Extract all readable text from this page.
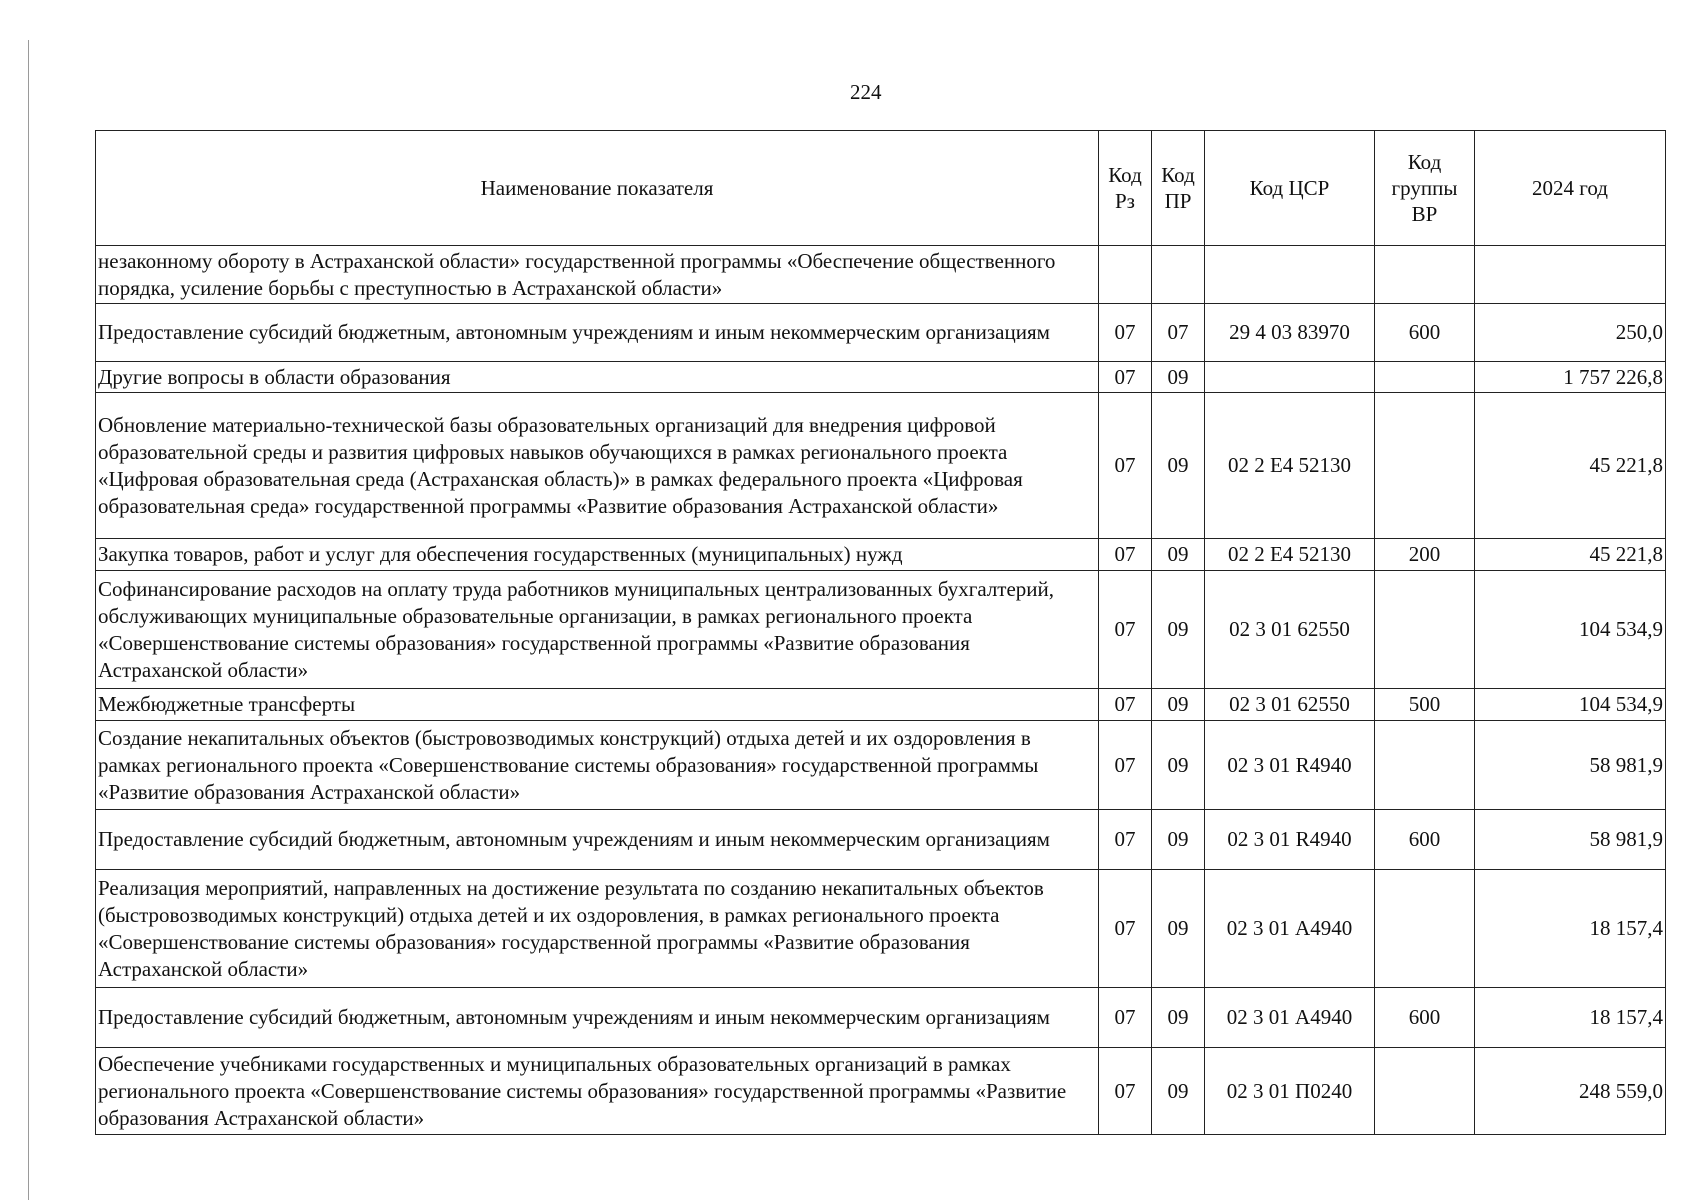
224
Наименование показателя	Код Рз	Код ПР	Код ЦСР	Код группы ВР	2024 год
незаконному обороту в Астраханской области» государственной программы «Обеспечение общественного порядка, усиление борьбы с преступностью в Астраханской области»					
Предоставление субсидий бюджетным, автономным учреждениям и иным некоммерческим организациям	07	07	29 4 03 83970	600	250,0
Другие вопросы в области образования	07	09			1 757 226,8
Обновление материально-технической базы образовательных организаций для внедрения цифровой образовательной среды и развития цифровых навыков обучающихся в рамках регионального проекта «Цифровая образовательная среда (Астраханская область)» в рамках федерального проекта «Цифровая образовательная среда» государственной программы «Развитие образования Астраханской области»	07	09	02 2 Е4 52130		45 221,8
Закупка товаров, работ и услуг для обеспечения государственных (муниципальных) нужд	07	09	02 2 Е4 52130	200	45 221,8
Софинансирование расходов на оплату труда работников муниципальных централизованных бухгалтерий, обслуживающих муниципальные образовательные организации, в рамках регионального проекта «Совершенствование системы образования» государственной программы «Развитие образования Астраханской области»	07	09	02 3 01 62550		104 534,9
Межбюджетные трансферты	07	09	02 3 01 62550	500	104 534,9
Создание некапитальных объектов (быстровозводимых конструкций) отдыха детей и их оздоровления в рамках регионального проекта «Совершенствование системы образования» государственной программы «Развитие образования Астраханской области»	07	09	02 3 01 R4940		58 981,9
Предоставление субсидий бюджетным, автономным учреждениям и иным некоммерческим организациям	07	09	02 3 01 R4940	600	58 981,9
Реализация мероприятий, направленных на достижение результата по созданию некапитальных объектов (быстровозводимых конструкций) отдыха детей и их оздоровления, в рамках регионального проекта «Совершенствование системы образования» государственной программы «Развитие образования Астраханской области»	07	09	02 3 01 А4940		18 157,4
Предоставление субсидий бюджетным, автономным учреждениям и иным некоммерческим организациям	07	09	02 3 01 А4940	600	18 157,4
Обеспечение учебниками государственных и муниципальных образовательных организаций в рамках регионального проекта «Совершенствование системы образования» государственной программы «Развитие образования Астраханской области»	07	09	02 3 01 П0240		248 559,0
